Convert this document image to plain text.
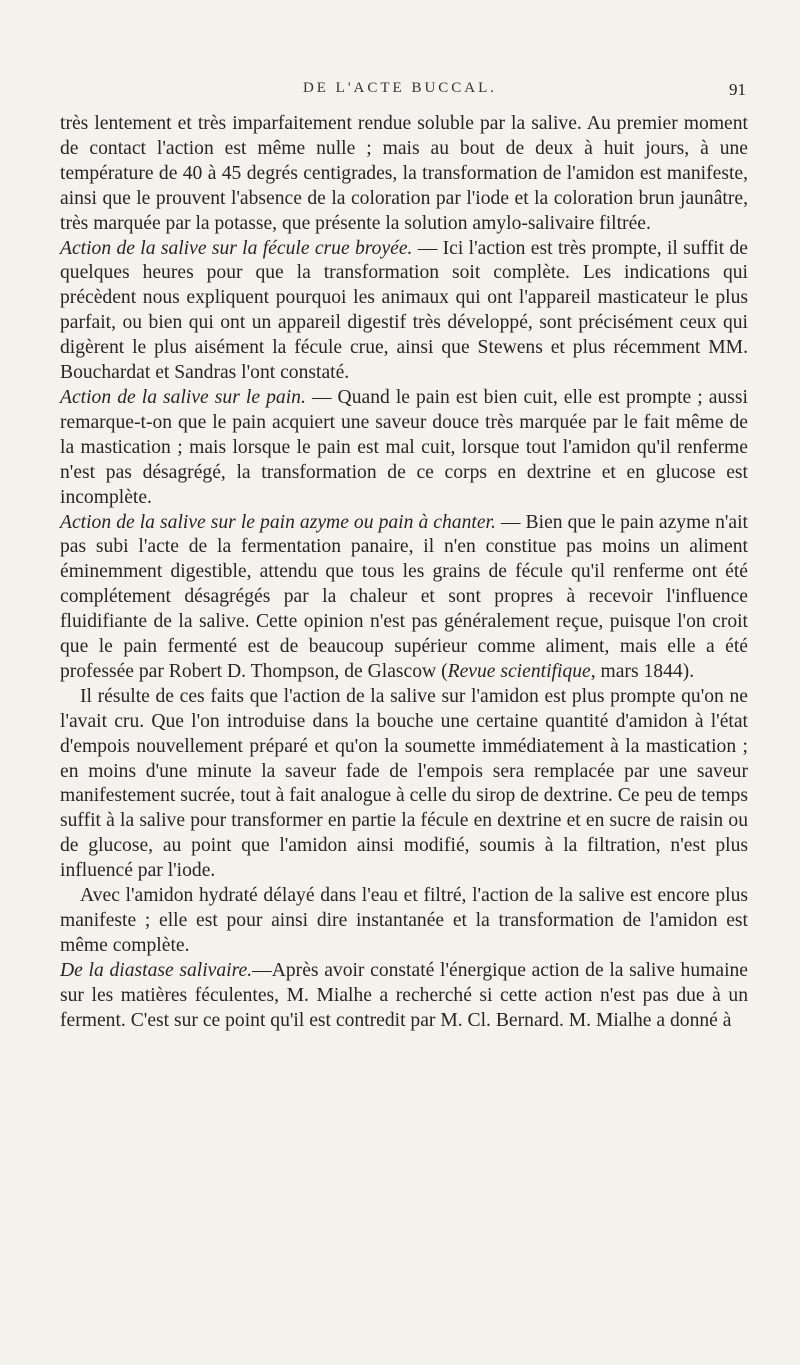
DE L'ACTE BUCCAL.	91

très lentement et très imparfaitement rendue soluble par la salive. Au premier moment de contact l'action est même nulle ; mais au bout de deux à huit jours, à une température de 40 à 45 degrés centigrades, la transformation de l'amidon est manifeste, ainsi que le prouvent l'absence de la coloration par l'iode et la coloration brun jaunâtre, très marquée par la potasse, que présente la solution amylo-salivaire filtrée.

Action de la salive sur la fécule crue broyée. — Ici l'action est très prompte, il suffit de quelques heures pour que la transformation soit complète. Les indications qui précèdent nous expliquent pourquoi les animaux qui ont l'appareil masticateur le plus parfait, ou bien qui ont un appareil digestif très développé, sont précisément ceux qui digèrent le plus aisément la fécule crue, ainsi que Stewens et plus récemment MM. Bouchardat et Sandras l'ont constaté.

Action de la salive sur le pain. — Quand le pain est bien cuit, elle est prompte ; aussi remarque-t-on que le pain acquiert une saveur douce très marquée par le fait même de la mastication ; mais lorsque le pain est mal cuit, lorsque tout l'amidon qu'il renferme n'est pas désagrégé, la transformation de ce corps en dextrine et en glucose est incomplète.

Action de la salive sur le pain azyme ou pain à chanter. — Bien que le pain azyme n'ait pas subi l'acte de la fermentation panaire, il n'en constitue pas moins un aliment éminemment digestible, attendu que tous les grains de fécule qu'il renferme ont été complétement désagrégés par la chaleur et sont propres à recevoir l'influence fluidifiante de la salive. Cette opinion n'est pas généralement reçue, puisque l'on croit que le pain fermenté est de beaucoup supérieur comme aliment, mais elle a été professée par Robert D. Thompson, de Glascow (Revue scientifique, mars 1844).

Il résulte de ces faits que l'action de la salive sur l'amidon est plus prompte qu'on ne l'avait cru. Que l'on introduise dans la bouche une certaine quantité d'amidon à l'état d'empois nouvellement préparé et qu'on la soumette immédiatement à la mastication ; en moins d'une minute la saveur fade de l'empois sera remplacée par une saveur manifestement sucrée, tout à fait analogue à celle du sirop de dextrine. Ce peu de temps suffit à la salive pour transformer en partie la fécule en dextrine et en sucre de raisin ou de glucose, au point que l'amidon ainsi modifié, soumis à la filtration, n'est plus influencé par l'iode.

Avec l'amidon hydraté délayé dans l'eau et filtré, l'action de la salive est encore plus manifeste ; elle est pour ainsi dire instantanée et la transformation de l'amidon est même complète.

De la diastase salivaire.—Après avoir constaté l'énergique action de la salive humaine sur les matières féculentes, M. Mialhe a recherché si cette action n'est pas due à un ferment. C'est sur ce point qu'il est contredit par M. Cl. Bernard. M. Mialhe a donné à
